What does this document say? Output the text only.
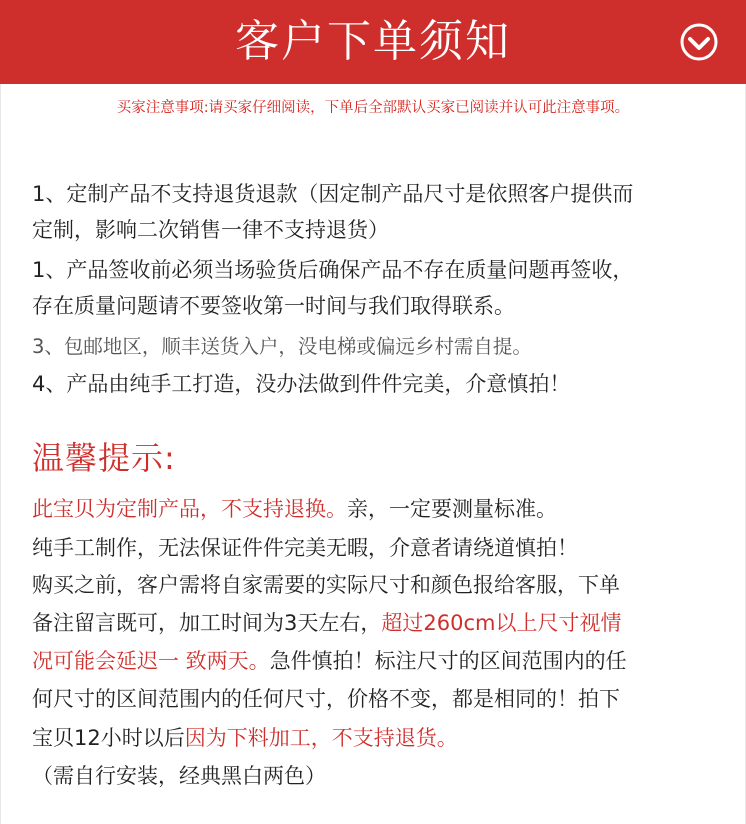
客户下单须知
买家注意事项:请买家仔细阅读，下单后全部默认买家已阅读并认可此注意事项。
1、定制产品不支持退货退款（因定制产品尺寸是依照客户提供而
定制，影响二次销售一律不支持退货）
1、产品签收前必须当场验货后确保产品不存在质量问题再签收，
存在质量问题请不要签收第一时间与我们取得联系。
3、包邮地区，顺丰送货入户，没电梯或偏远乡村需自提。
4、产品由纯手工打造，没办法做到件件完美，介意慎拍！
温馨提示:
此宝贝为定制产品，不支持退换。亲，一定要测量标准。
纯手工制作，无法保证件件完美无暇，介意者请绕道慎拍！
购买之前，客户需将自家需要的实际尺寸和颜色报给客服，下单
备注留言既可，加工时间为3天左右，超过260cm以上尺寸视情
况可能会延迟一 致两天。急件慎拍！标注尺寸的区间范围内的任
何尺寸的区间范围内的任何尺寸，价格不变，都是相同的！拍下
宝贝12小时以后因为下料加工，不支持退货。
（需自行安装，经典黑白两色）
